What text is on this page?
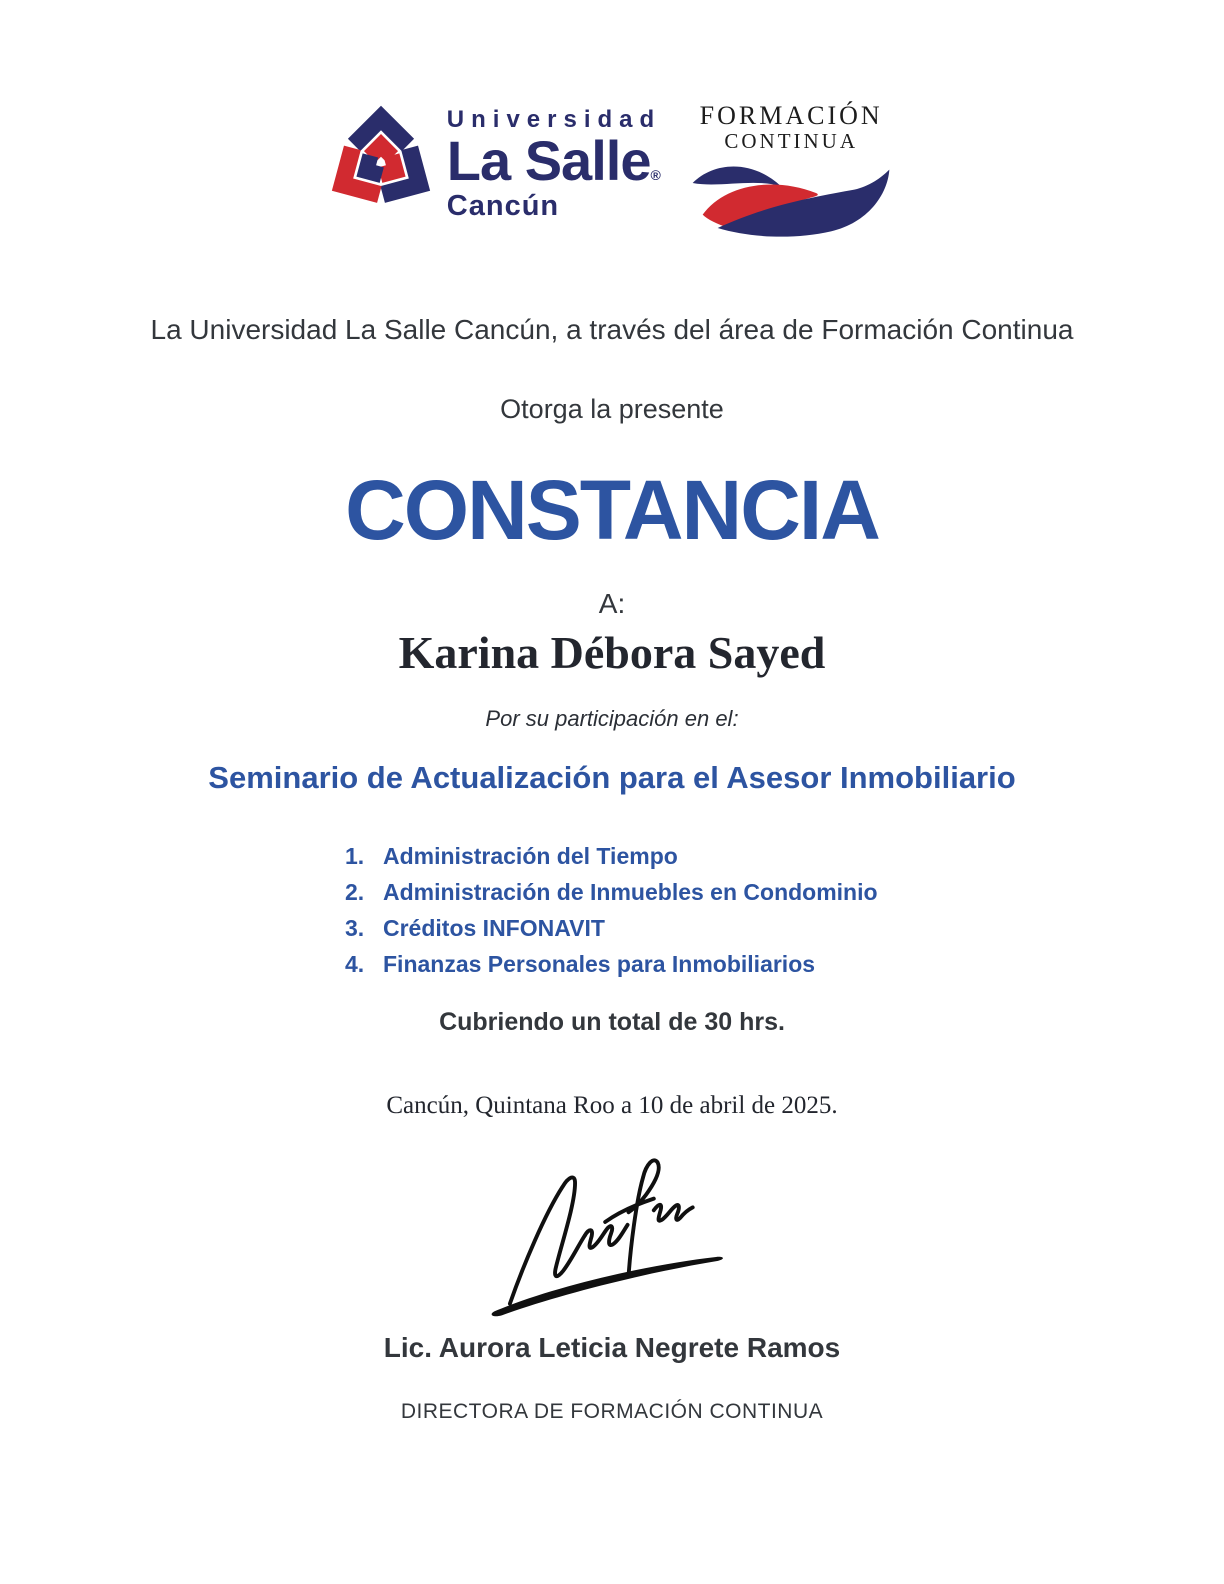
Universidad
La Salle®
Cancún
FORMACIÓN
CONTINUA
La Universidad La Salle Cancún, a través del área de Formación Continua
Otorga la presente
CONSTANCIA
A:
Karina Débora Sayed
Por su participación en el:
Seminario de Actualización para el Asesor Inmobiliario
1. Administración del Tiempo
2. Administración de Inmuebles en Condominio
3. Créditos INFONAVIT
4. Finanzas Personales para Inmobiliarios
Cubriendo un total de 30 hrs.
Cancún, Quintana Roo a 10 de abril de 2025.
Lic. Aurora Leticia Negrete Ramos
DIRECTORA DE FORMACIÓN CONTINUA
